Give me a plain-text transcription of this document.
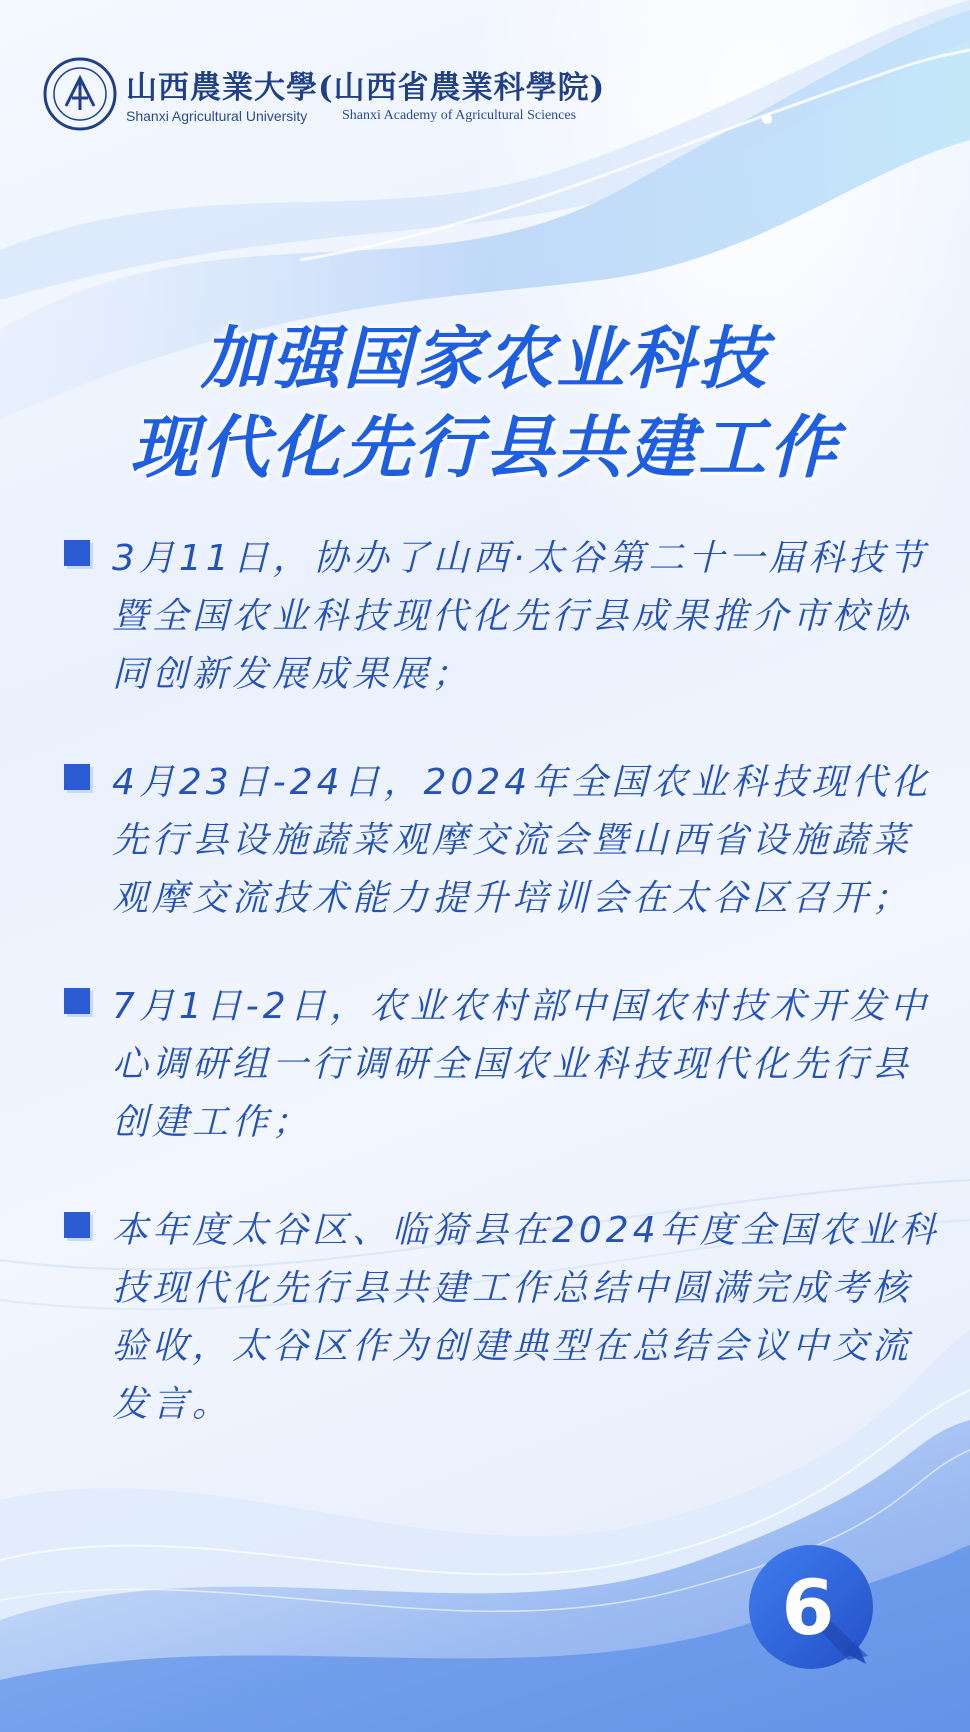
山西農業大學(山西省農業科學院)
Shanxi Agricultural University Shanxi Academy of Agricultural Sciences
加强国家农业科技
现代化先行县共建工作
3月11日，协办了山西·太谷第二十一届科技节暨全国农业科技现代化先行县成果推介市校协同创新发展成果展；
4月23日-24日，2024年全国农业科技现代化先行县设施蔬菜观摩交流会暨山西省设施蔬菜观摩交流技术能力提升培训会在太谷区召开；
7月1日-2日，农业农村部中国农村技术开发中心调研组一行调研全国农业科技现代化先行县创建工作；
本年度太谷区、临猗县在2024年度全国农业科技现代化先行县共建工作总结中圆满完成考核验收，太谷区作为创建典型在总结会议中交流发言。
6
